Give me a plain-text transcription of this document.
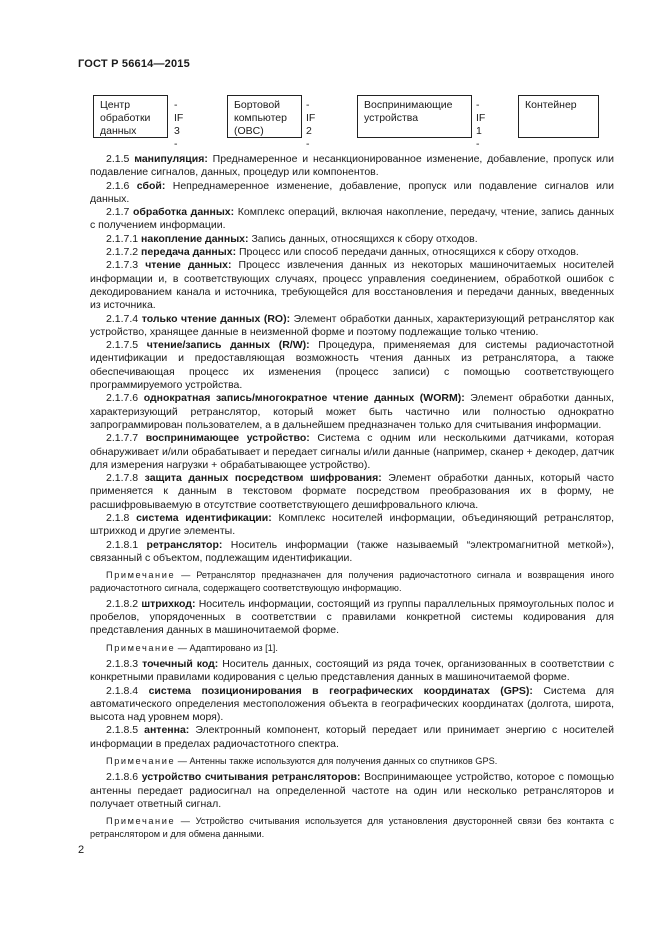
ГОСТ Р 56614—2015
Центр обработки данных
- IF 3 -
Бортовой компьютер (OBC)
- IF 2 -
Воспринимающие устройства
- IF 1 -
Контейнер

2.1.5 манипуляция: Преднамеренное и несанкционированное изменение, добавление, пропуск или подавление сигналов, данных, процедур или компонентов.

2.1.6 сбой: Непреднамеренное изменение, добавление, пропуск или подавление сигналов или данных.

2.1.7 обработка данных: Комплекс операций, включая накопление, передачу, чтение, запись данных с получением информации.

2.1.7.1 накопление данных: Запись данных, относящихся к сбору отходов.

2.1.7.2 передача данных: Процесс или способ передачи данных, относящихся к сбору отходов.

2.1.7.3 чтение данных: Процесс извлечения данных из некоторых машиночитаемых носителей информации и, в соответствующих случаях, процесс управления соединением, обработкой ошибок с декодированием канала и источника, требующейся для восстановления и передачи данных, введенных из источника.

2.1.7.4 только чтение данных (RO): Элемент обработки данных, характеризующий ретранслятор как устройство, хранящее данные в неизменной форме и поэтому подлежащие только чтению.

2.1.7.5 чтение/запись данных (R/W): Процедура, применяемая для системы радиочастотной идентификации и предоставляющая возможность чтения данных из ретранслятора, а также обеспечивающая процесс их изменения (процесс записи) с помощью соответствующего программируемого устройства.

2.1.7.6 однократная запись/многократное чтение данных (WORM): Элемент обработки данных, характеризующий ретранслятор, который может быть частично или полностью однократно запрограммирован пользователем, а в дальнейшем предназначен только для считывания информации.

2.1.7.7 воспринимающее устройство: Система с одним или несколькими датчиками, которая обнаруживает и/или обрабатывает и передает сигналы и/или данные (например, сканер + декодер, датчик для измерения нагрузки + обрабатывающее устройство).

2.1.7.8 защита данных посредством шифрования: Элемент обработки данных, который часто применяется к данным в текстовом формате посредством преобразования их в форму, не расшифровываемую в отсутствие соответствующего дешифровального ключа.

2.1.8 система идентификации: Комплекс носителей информации, объединяющий ретранслятор, штрихкод и другие элементы.

2.1.8.1 ретранслятор: Носитель информации (также называемый “электромагнитной меткой»), связанный с объектом, подлежащим идентификации.

Примечание — Ретранслятор предназначен для получения радиочастотного сигнала и возвращения иного радиочастотного сигнала, содержащего соответствующую информацию.

2.1.8.2 штрихкод: Носитель информации, состоящий из группы параллельных прямоугольных полос и пробелов, упорядоченных в соответствии с правилами конкретной системы кодирования для представления данных в машиночитаемой форме.

Примечание — Адаптировано из [1].

2.1.8.3 точечный код: Носитель данных, состоящий из ряда точек, организованных в соответствии с конкретными правилами кодирования с целью представления данных в машиночитаемой форме.

2.1.8.4 система позиционирования в географических координатах (GPS): Система для автоматического определения местоположения объекта в географических координатах (долгота, широта, высота над уровнем моря).

2.1.8.5 антенна: Электронный компонент, который передает или принимает энергию с носителей информации в пределах радиочастотного спектра.

Примечание — Антенны также используются для получения данных со спутников GPS.

2.1.8.6 устройство считывания ретрансляторов: Воспринимающее устройство, которое с помощью антенны передает радиосигнал на определенной частоте на один или несколько ретрансляторов и получает ответный сигнал.

Примечание — Устройство считывания используется для установления двусторонней связи без контакта с ретранслятором и для обмена данными.

2
